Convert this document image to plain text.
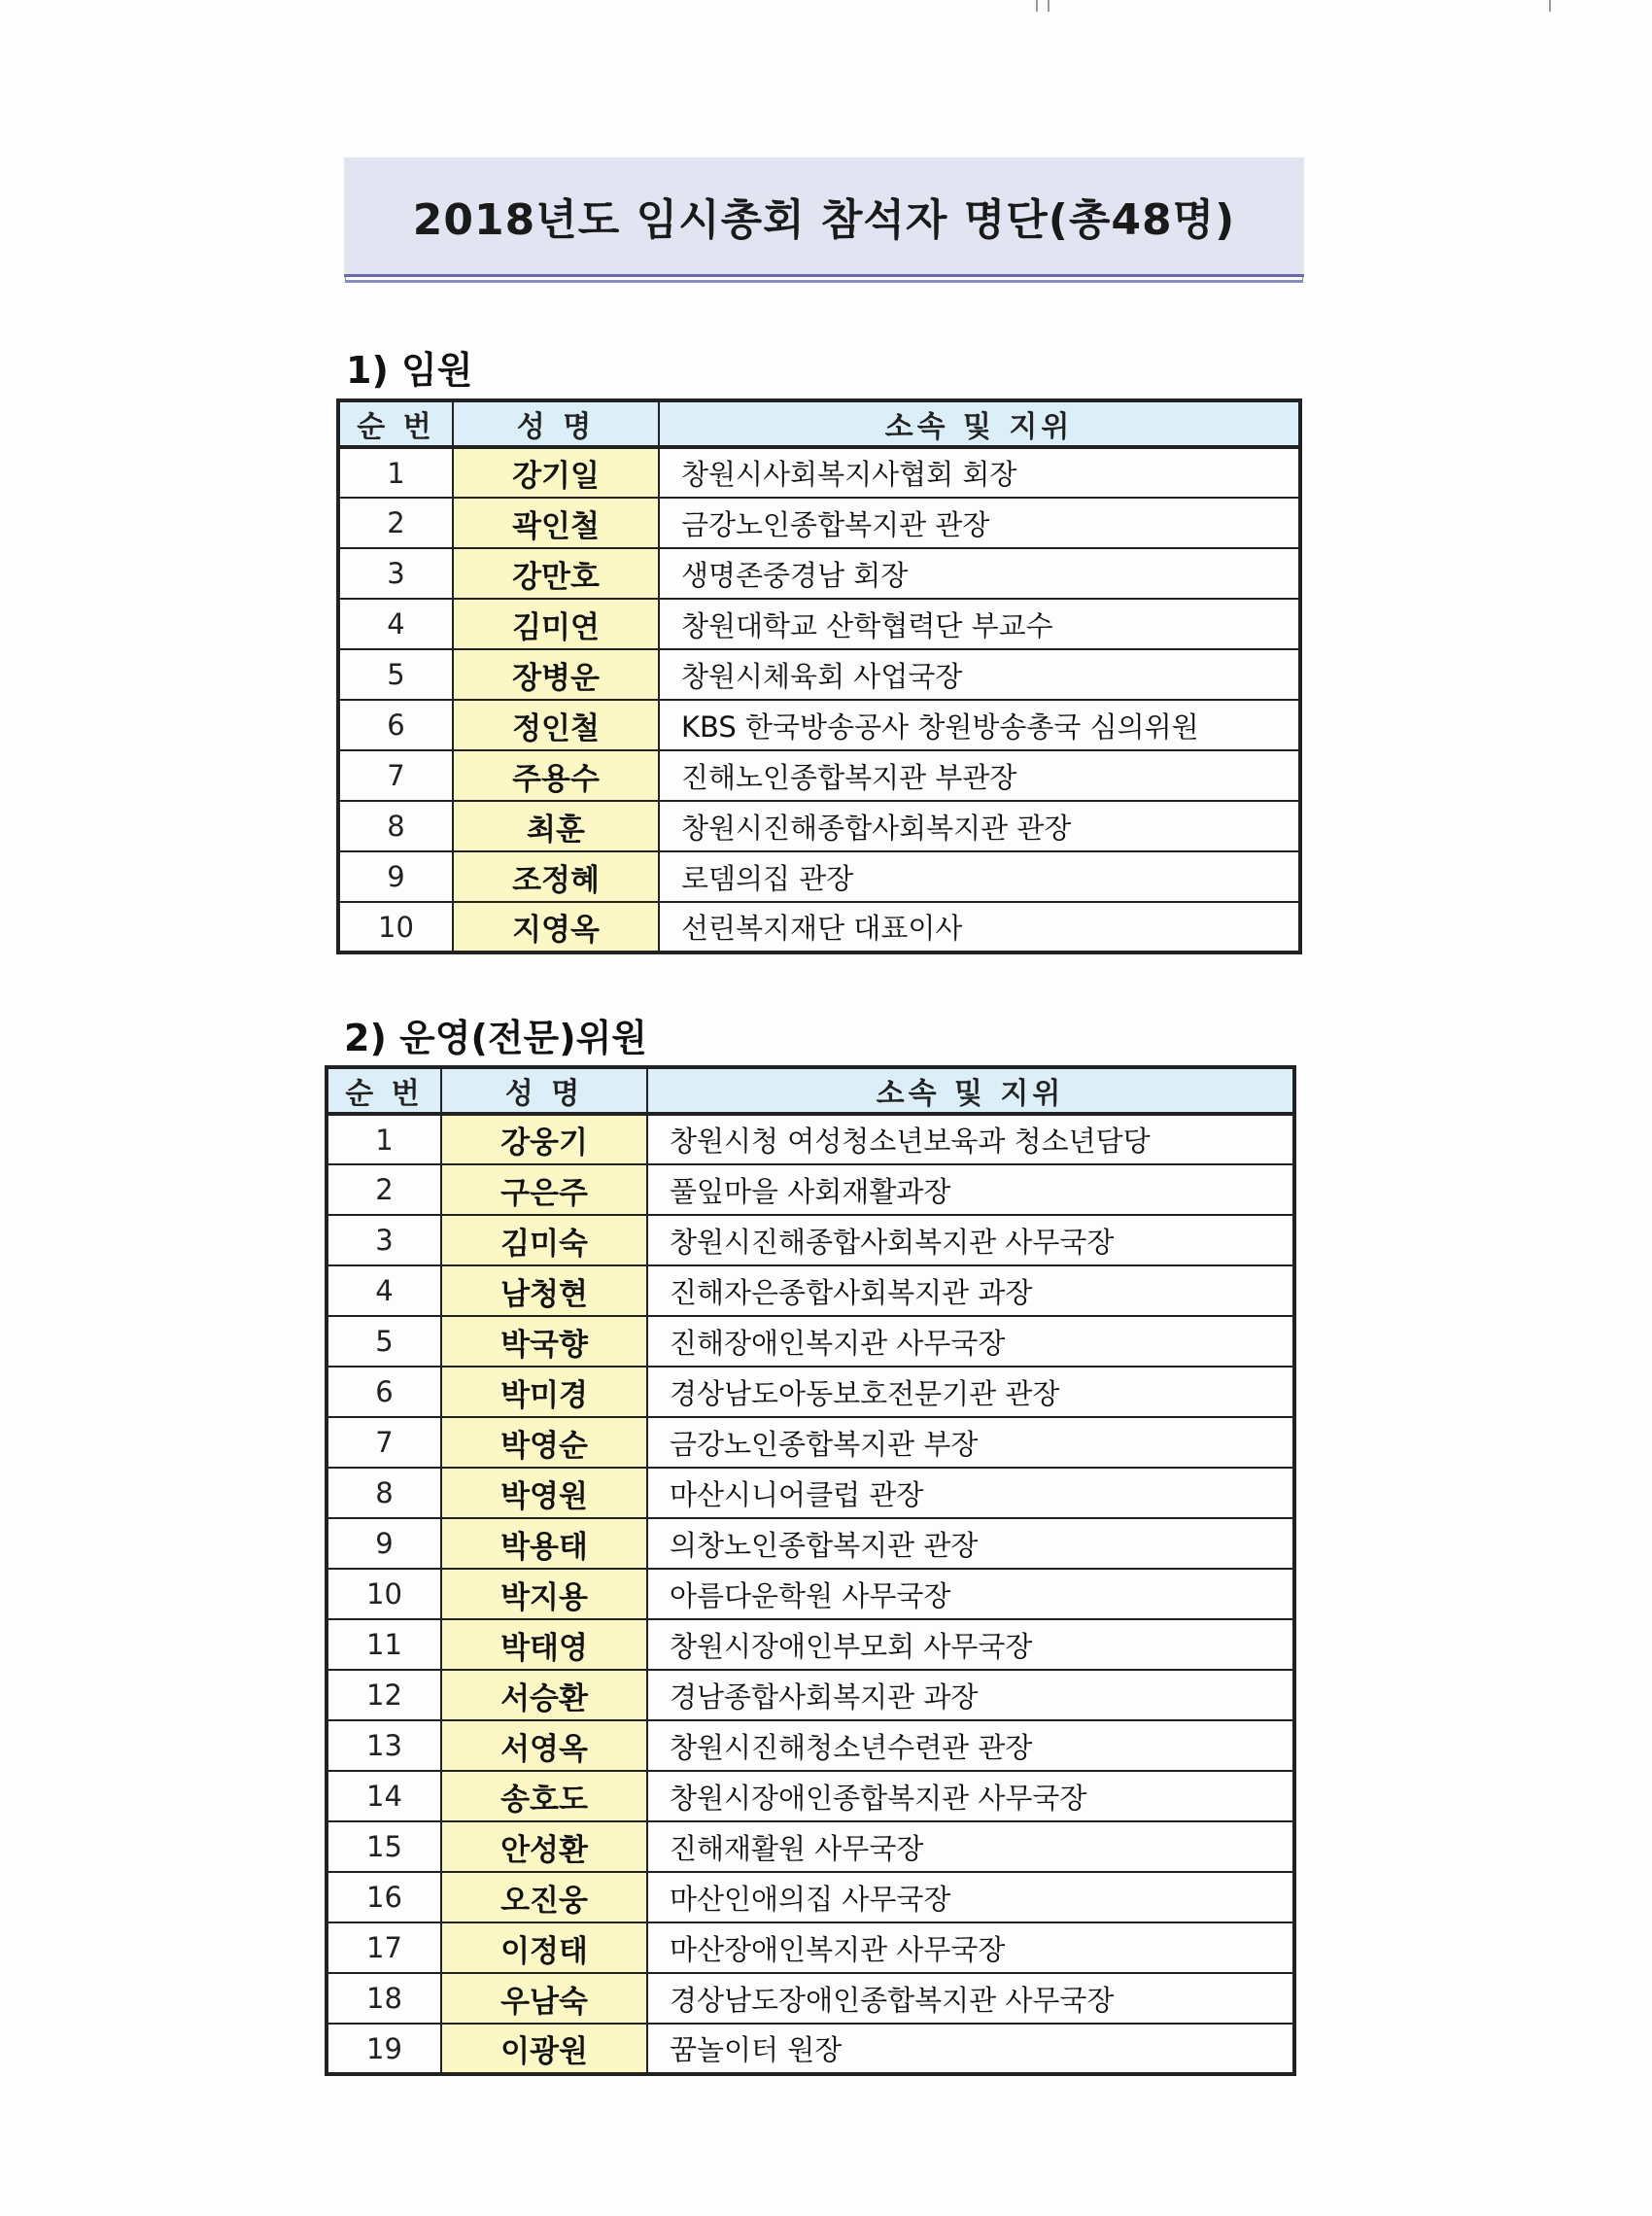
2018년도 임시총회 참석자 명단(총48명)
1) 임원
순 번	성 명	소속 및 지위
1	강기일	창원시사회복지사협회 회장
2	곽인철	금강노인종합복지관 관장
3	강만호	생명존중경남 회장
4	김미연	창원대학교 산학협력단 부교수
5	장병운	창원시체육회 사업국장
6	정인철	KBS 한국방송공사 창원방송총국 심의위원
7	주용수	진해노인종합복지관 부관장
8	최훈	창원시진해종합사회복지관 관장
9	조정혜	로뎀의집 관장
10	지영옥	선린복지재단 대표이사
2) 운영(전문)위원
순 번	성 명	소속 및 지위
1	강웅기	창원시청 여성청소년보육과 청소년담당
2	구은주	풀잎마을 사회재활과장
3	김미숙	창원시진해종합사회복지관 사무국장
4	남청현	진해자은종합사회복지관 과장
5	박국향	진해장애인복지관 사무국장
6	박미경	경상남도아동보호전문기관 관장
7	박영순	금강노인종합복지관 부장
8	박영원	마산시니어클럽 관장
9	박용태	의창노인종합복지관 관장
10	박지용	아름다운학원 사무국장
11	박태영	창원시장애인부모회 사무국장
12	서승환	경남종합사회복지관 과장
13	서영옥	창원시진해청소년수련관 관장
14	송호도	창원시장애인종합복지관 사무국장
15	안성환	진해재활원 사무국장
16	오진웅	마산인애의집 사무국장
17	이정태	마산장애인복지관 사무국장
18	우남숙	경상남도장애인종합복지관 사무국장
19	이광원	꿈놀이터 원장
